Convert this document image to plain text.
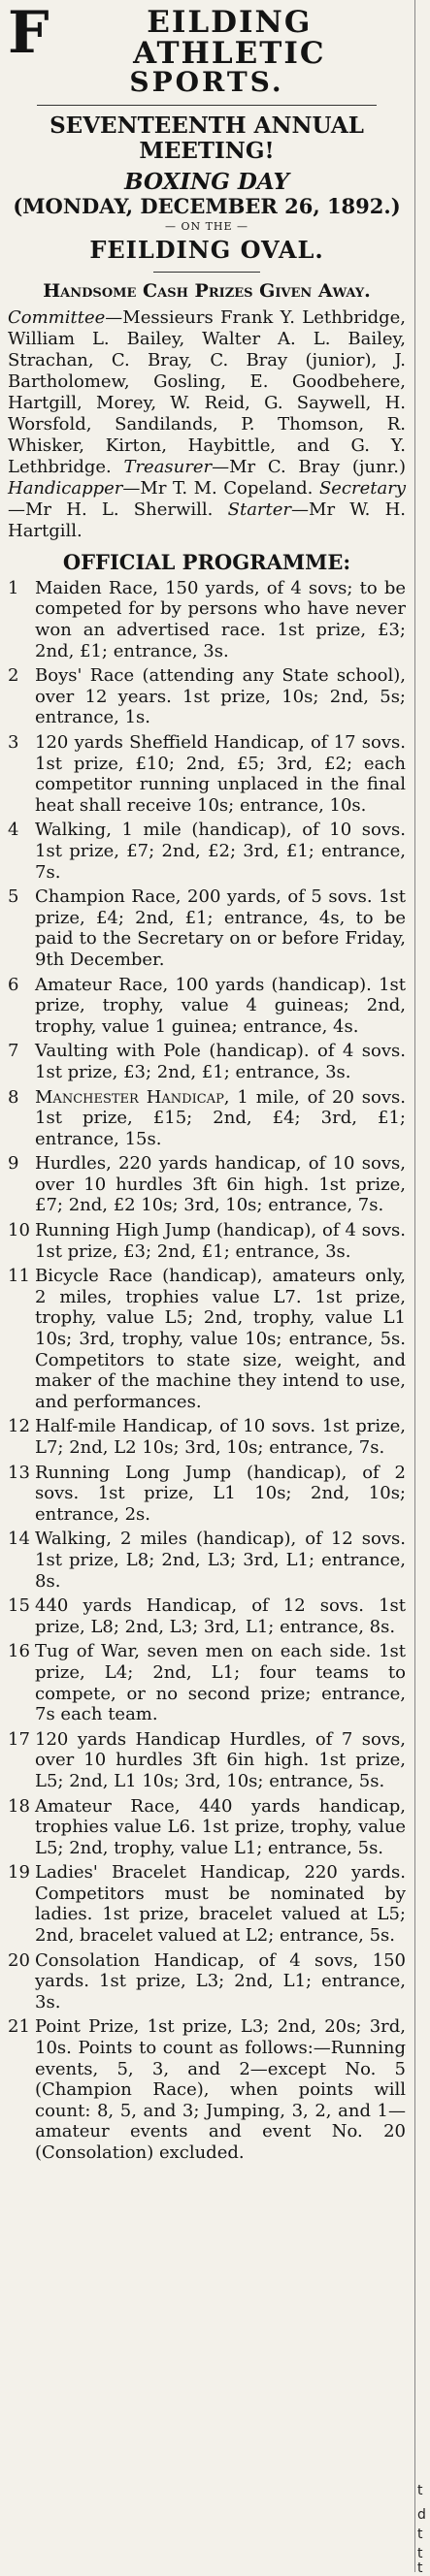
t
d
t
t
t
F	EILDING ATHLETIC
SPORTS.
SEVENTEENTH ANNUAL MEETING!
BOXING DAY
(MONDAY, DECEMBER 26, 1892.)
— ON THE —
FEILDING OVAL.
Handsome Cash Prizes Given Away.
Committee—Messieurs Frank Y. Lethbridge, William L. Bailey, Walter A. L. Bailey, Strachan, C. Bray, C. Bray (junior), J. Bartholomew, Gosling, E. Goodbehere, Hartgill, Morey, W. Reid, G. Saywell, H. Worsfold, Sandilands, P. Thomson, R. Whisker, Kirton, Haybittle, and G. Y. Lethbridge. Treasurer—Mr C. Bray (junr.) Handicapper—Mr T. M. Copeland. Secretary—Mr H. L. Sherwill. Starter—Mr W. H. Hartgill.
OFFICIAL PROGRAMME:
1 Maiden Race, 150 yards, of 4 sovs; to be competed for by persons who have never won an advertised race. 1st prize, £3; 2nd, £1; entrance, 3s.
2 Boys' Race (attending any State school), over 12 years. 1st prize, 10s; 2nd, 5s; entrance, 1s.
3 120 yards Sheffield Handicap, of 17 sovs. 1st prize, £10; 2nd, £5; 3rd, £2; each competitor running unplaced in the final heat shall receive 10s; entrance, 10s.
4 Walking, 1 mile (handicap), of 10 sovs. 1st prize, £7; 2nd, £2; 3rd, £1; entrance, 7s.
5 Champion Race, 200 yards, of 5 sovs. 1st prize, £4; 2nd, £1; entrance, 4s, to be paid to the Secretary on or before Friday, 9th December.
6 Amateur Race, 100 yards (handicap). 1st prize, trophy, value 4 guineas; 2nd, trophy, value 1 guinea; entrance, 4s.
7 Vaulting with Pole (handicap). of 4 sovs. 1st prize, £3; 2nd, £1; entrance, 3s.
8 Manchester Handicap, 1 mile, of 20 sovs. 1st prize, £15; 2nd, £4; 3rd, £1; entrance, 15s.
9 Hurdles, 220 yards handicap, of 10 sovs, over 10 hurdles 3ft 6in high. 1st prize, £7; 2nd, £2 10s; 3rd, 10s; entrance, 7s.
10 Running High Jump (handicap), of 4 sovs. 1st prize, £3; 2nd, £1; entrance, 3s.
11 Bicycle Race (handicap), amateurs only, 2 miles, trophies value L7. 1st prize, trophy, value L5; 2nd, trophy, value L1 10s; 3rd, trophy, value 10s; entrance, 5s. Competitors to state size, weight, and maker of the machine they intend to use, and performances.
12 Half-mile Handicap, of 10 sovs. 1st prize, L7; 2nd, L2 10s; 3rd, 10s; entrance, 7s.
13 Running Long Jump (handicap), of 2 sovs. 1st prize, L1 10s; 2nd, 10s; entrance, 2s.
14 Walking, 2 miles (handicap), of 12 sovs. 1st prize, L8; 2nd, L3; 3rd, L1; entrance, 8s.
15 440 yards Handicap, of 12 sovs. 1st prize, L8; 2nd, L3; 3rd, L1; entrance, 8s.
16 Tug of War, seven men on each side. 1st prize, L4; 2nd, L1; four teams to compete, or no second prize; entrance, 7s each team.
17 120 yards Handicap Hurdles, of 7 sovs, over 10 hurdles 3ft 6in high. 1st prize, L5; 2nd, L1 10s; 3rd, 10s; entrance, 5s.
18 Amateur Race, 440 yards handicap, trophies value L6. 1st prize, trophy, value L5; 2nd, trophy, value L1; entrance, 5s.
19 Ladies' Bracelet Handicap, 220 yards. Competitors must be nominated by ladies. 1st prize, bracelet valued at L5; 2nd, bracelet valued at L2; entrance, 5s.
20 Consolation Handicap, of 4 sovs, 150 yards. 1st prize, L3; 2nd, L1; entrance, 3s.
21 Point Prize, 1st prize, L3; 2nd, 20s; 3rd, 10s. Points to count as follows:—Running events, 5, 3, and 2—except No. 5 (Champion Race), when points will count: 8, 5, and 3; Jumping, 3, 2, and 1—amateur events and event No. 20 (Consolation) excluded.
